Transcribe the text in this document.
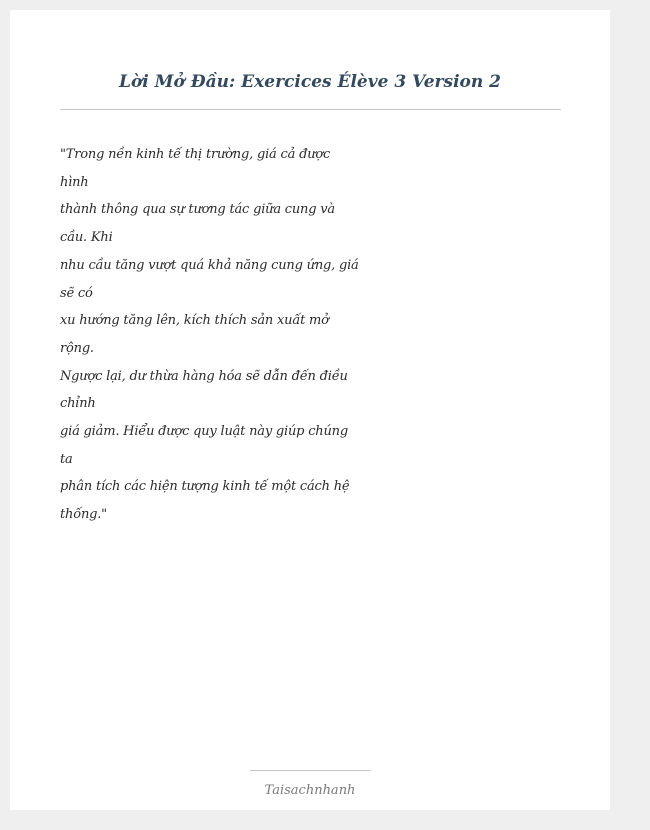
Lời Mở Đầu: Exercices Élève 3 Version 2
"Trong nền kinh tế thị trường, giá cả được
hình
thành thông qua sự tương tác giữa cung và
cầu. Khi
nhu cầu tăng vượt quá khả năng cung ứng, giá
sẽ có
xu hướng tăng lên, kích thích sản xuất mở
rộng.
Ngược lại, dư thừa hàng hóa sẽ dẫn đến điều
chỉnh
giá giảm. Hiểu được quy luật này giúp chúng
ta
phân tích các hiện tượng kinh tế một cách hệ
thống."
Taisachnhanh
